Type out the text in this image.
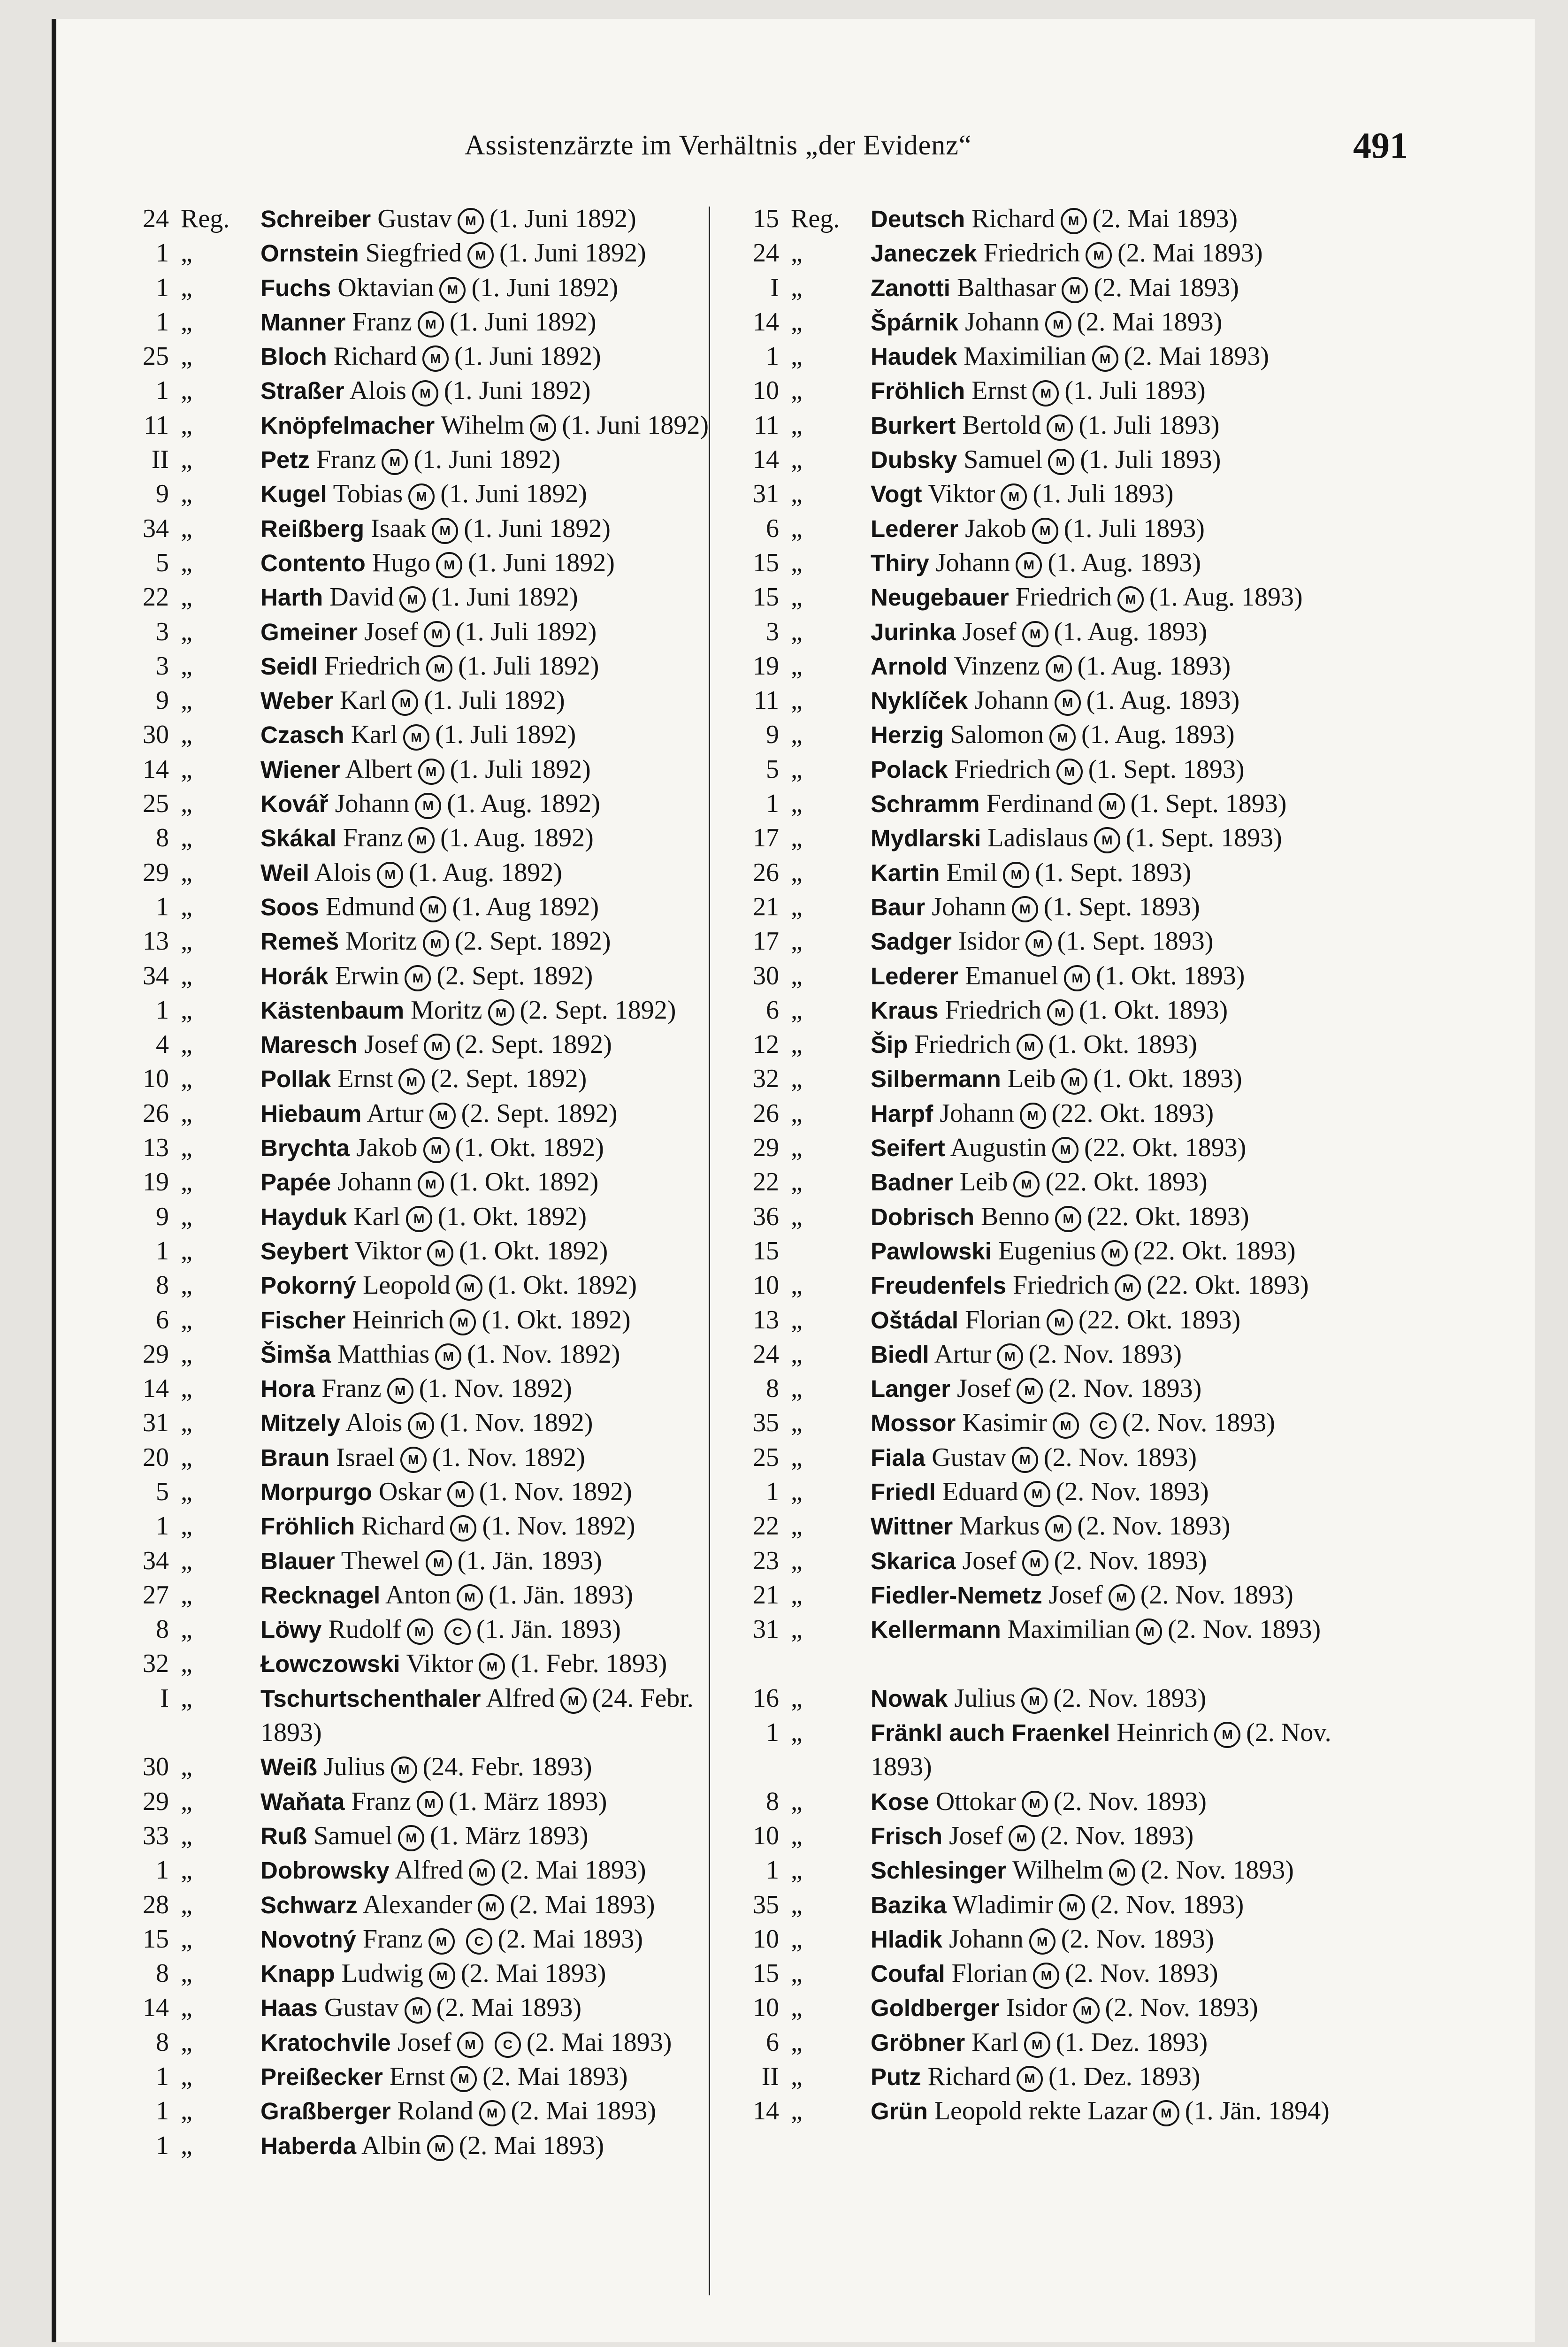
Assistenzärzte im Verhältnis „der Evidenz“	491
24 Reg. Schreiber Gustav M (1. Juni 1892)
1 „	Ornstein Siegfried M (1. Juni 1892)
1 „	Fuchs Oktavian M (1. Juni 1892)
1 „	Manner Franz M (1. Juni 1892)
25 „	Bloch Richard M (1. Juni 1892)
1 „	Straßer Alois M (1. Juni 1892)
11 „	Knöpfelmacher Wihelm M (1. Juni 1892)
II „	Petz Franz M (1. Juni 1892)
9 „	Kugel Tobias M (1. Juni 1892)
34 „	Reißberg Isaak M (1. Juni 1892)
5 „	Contento Hugo M (1. Juni 1892)
22 „	Harth David M (1. Juni 1892)
3 „	Gmeiner Josef M (1. Juli 1892)
3 „	Seidl Friedrich M (1. Juli 1892)
9 „	Weber Karl M (1. Juli 1892)
30 „	Czasch Karl M (1. Juli 1892)
14 „	Wiener Albert M (1. Juli 1892)
25 „	Kovář Johann M (1. Aug. 1892)
8 „	Skákal Franz M (1. Aug. 1892)
29 „	Weil Alois M (1. Aug. 1892)
1 „	Soos Edmund M (1. Aug 1892)
13 „	Remeš Moritz M (2. Sept. 1892)
34 „	Horák Erwin M (2. Sept. 1892)
1 „	Kästenbaum Moritz M (2. Sept. 1892)
4 „	Maresch Josef M (2. Sept. 1892)
10 „	Pollak Ernst M (2. Sept. 1892)
26 „	Hiebaum Artur M (2. Sept. 1892)
13 „	Brychta Jakob M (1. Okt. 1892)
19 „	Papée Johann M (1. Okt. 1892)
9 „	Hayduk Karl M (1. Okt. 1892)
1 „	Seybert Viktor M (1. Okt. 1892)
8 „	Pokorný Leopold M (1. Okt. 1892)
6 „	Fischer Heinrich M (1. Okt. 1892)
29 „	Šimša Matthias M (1. Nov. 1892)
14 „	Hora Franz M (1. Nov. 1892)
31 „	Mitzely Alois M (1. Nov. 1892)
20 „	Braun Israel M (1. Nov. 1892)
5 „	Morpurgo Oskar M (1. Nov. 1892)
1 „	Fröhlich Richard M (1. Nov. 1892)
34 „	Blauer Thewel M (1. Jän. 1893)
27 „	Recknagel Anton M (1. Jän. 1893)
8 „	Löwy Rudolf M C (1. Jän. 1893)
32 „	Łowczowski Viktor M (1. Febr. 1893)
I „	Tschurtschenthaler Alfred M (24. Febr. 1893)
30 „	Weiß Julius M (24. Febr. 1893)
29 „	Waňata Franz M (1. März 1893)
33 „	Ruß Samuel M (1. März 1893)
1 „	Dobrowsky Alfred M (2. Mai 1893)
28 „	Schwarz Alexander M (2. Mai 1893)
15 „	Novotný Franz M C (2. Mai 1893)
8 „	Knapp Ludwig M (2. Mai 1893)
14 „	Haas Gustav M (2. Mai 1893)
8 „	Kratochvile Josef M C (2. Mai 1893)
1 „	Preißecker Ernst M (2. Mai 1893)
1 „	Graßberger Roland M (2. Mai 1893)
1 „	Haberda Albin M (2. Mai 1893)
15 Reg. Deutsch Richard M (2. Mai 1893)
24 „	Janeczek Friedrich M (2. Mai 1893)
I „	Zanotti Balthasar M (2. Mai 1893)
14 „	Špárnik Johann M (2. Mai 1893)
1 „	Haudek Maximilian M (2. Mai 1893)
10 „	Fröhlich Ernst M (1. Juli 1893)
11 „	Burkert Bertold M (1. Juli 1893)
14 „	Dubsky Samuel M (1. Juli 1893)
31 „	Vogt Viktor M (1. Juli 1893)
6 „	Lederer Jakob M (1. Juli 1893)
15 „	Thiry Johann M (1. Aug. 1893)
15 „	Neugebauer Friedrich M (1. Aug. 1893)
3 „	Jurinka Josef M (1. Aug. 1893)
19 „	Arnold Vinzenz M (1. Aug. 1893)
11 „	Nyklíček Johann M (1. Aug. 1893)
9 „	Herzig Salomon M (1. Aug. 1893)
5 „	Polack Friedrich M (1. Sept. 1893)
1 „	Schramm Ferdinand M (1. Sept. 1893)
17 „	Mydlarski Ladislaus M (1. Sept. 1893)
26 „	Kartin Emil M (1. Sept. 1893)
21 „	Baur Johann M (1. Sept. 1893)
17 „	Sadger Isidor M (1. Sept. 1893)
30 „	Lederer Emanuel M (1. Okt. 1893)
6 „	Kraus Friedrich M (1. Okt. 1893)
12 „	Šip Friedrich M (1. Okt. 1893)
32 „	Silbermann Leib M (1. Okt. 1893)
26 „	Harpf Johann M (22. Okt. 1893)
29 „	Seifert Augustin M (22. Okt. 1893)
22 „	Badner Leib M (22. Okt. 1893)
36 „	Dobrisch Benno M (22. Okt. 1893)
15	Pawlowski Eugenius M (22. Okt. 1893)
10 „	Freudenfels Friedrich M (22. Okt. 1893)
13 „	Oštádal Florian M (22. Okt. 1893)
24 „	Biedl Artur M (2. Nov. 1893)
8 „	Langer Josef M (2. Nov. 1893)
35 „	Mossor Kasimir M C (2. Nov. 1893)
25 „	Fiala Gustav M (2. Nov. 1893)
1 „	Friedl Eduard M (2. Nov. 1893)
22 „	Wittner Markus M (2. Nov. 1893)
23 „	Skarica Josef M (2. Nov. 1893)
21 „	Fiedler-Nemetz Josef M (2. Nov. 1893)
31 „	Kellermann Maximilian M (2. Nov. 1893)
16 „	Nowak Julius M (2. Nov. 1893)
1 „	Fränkl auch Fraenkel Heinrich M (2. Nov. 1893)
8 „	Kose Ottokar M (2. Nov. 1893)
10 „	Frisch Josef M (2. Nov. 1893)
1 „	Schlesinger Wilhelm M (2. Nov. 1893)
35 „	Bazika Wladimir M (2. Nov. 1893)
10 „	Hladik Johann M (2. Nov. 1893)
15 „	Coufal Florian M (2. Nov. 1893)
10 „	Goldberger Isidor M (2. Nov. 1893)
6 „	Gröbner Karl M (1. Dez. 1893)
II „	Putz Richard M (1. Dez. 1893)
14 „	Grün Leopold rekte Lazar M (1. Jän. 1894)
